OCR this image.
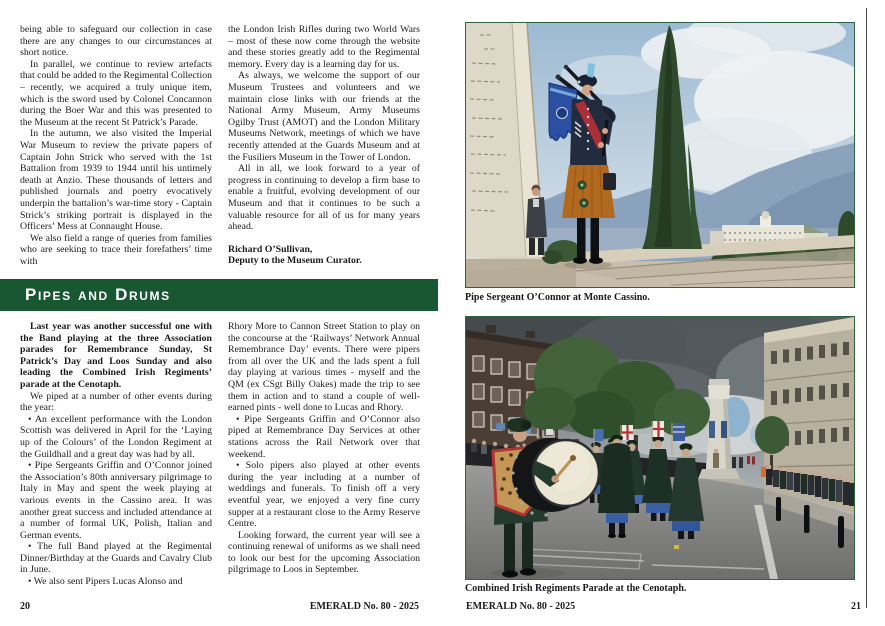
being able to safeguard our collection in case there are any changes to our circumstances at short notice.

In parallel, we continue to review artefacts that could be added to the Regimental Collection – recently, we acquired a truly unique item, which is the sword used by Colonel Concannon during the Boer War and this was presented to the Museum at the recent St Patrick’s Parade.

In the autumn, we also visited the Imperial War Museum to review the private papers of Captain John Strick who served with the 1st Battalion from 1939 to 1944 until his untimely death at Anzio. These thousands of letters and published journals and poetry evocatively underpin the battalion’s war-time story - Captain Strick’s striking portrait is displayed in the Officers’ Mess at Connaught House.

We also field a range of queries from families who are seeking to trace their forefathers’ time with

the London Irish Rifles during two World Wars – most of these now come through the website and these stories greatly add to the Regimental memory. Every day is a learning day for us.

As always, we welcome the support of our Museum Trustees and volunteers and we maintain close links with our friends at the National Army Museum, Army Museums Ogilby Trust (AMOT) and the London Military Museums Network, meetings of which we have recently attended at the Guards Museum and at the Fusiliers Museum in the Tower of London.

All in all, we look forward to a year of progress in continuing to develop a firm base to enable a fruitful, evolving development of our Museum and that it continues to be such a valuable resource for all of us for many years ahead.

Richard O’Sullivan,

Deputy to the Museum Curator.

Pipes and Drums

Last year was another successful one with the Band playing at the three Association parades for Remembrance Sunday, St Patrick’s Day and Loos Sunday and also leading the Combined Irish Regiments’ parade at the Cenotaph.

We piped at a number of other events during the year:

• An excellent performance with the London Scottish was delivered in April for the ‘Laying up of the Colours’ of the London Regiment at the Guildhall and a great day was had by all.

• Pipe Sergeants Griffin and O’Connor joined the Association’s 80th anniversary pilgrimage to Italy in May and spent the week playing at various events in the Cassino area. It was another great success and included attendance at a number of formal UK, Polish, Italian and German events.

• The full Band played at the Regimental Dinner/Birthday at the Guards and Cavalry Club in June.

• We also sent Pipers Lucas Alonso and

Rhory More to Cannon Street Station to play on the concourse at the ‘Railways’ Network Annual Remembrance Day’ events. There were pipers from all over the UK and the lads spent a full day playing at various times - myself and the QM (ex CSgt Billy Oakes) made the trip to see them in action and to stand a couple of well-earned pints - well done to Lucas and Rhory.

• Pipe Sergeants Griffin and O’Connor also piped at Remembrance Day Services at other stations across the Rail Network over that weekend.

• Solo pipers also played at other events during the year including at a number of weddings and funerals. To finish off a very eventful year, we enjoyed a very fine curry supper at a restaurant close to the Army Reserve Centre.

Looking forward, the current year will see a continuing renewal of uniforms as we shall need to look our best for the upcoming Association pilgrimage to Loos in September.

20	EMERALD No. 80 - 2025
Pipe Sergeant O’Connor at Monte Cassino.
Combined Irish Regiments Parade at the Cenotaph.
EMERALD No. 80 - 2025	21
